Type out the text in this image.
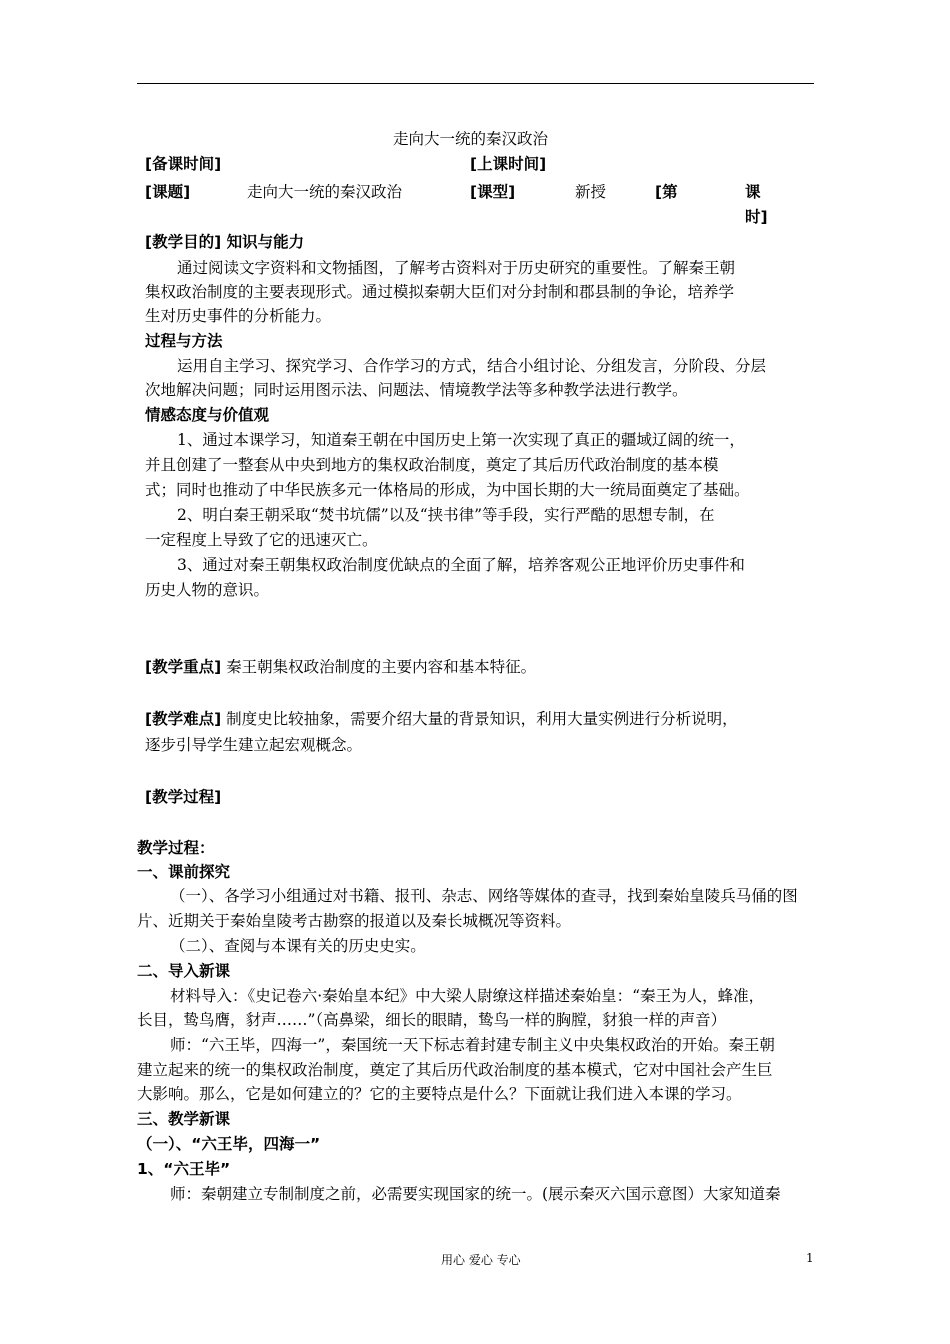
走向大一统的秦汉政治
[备课时间]	[上课时间]
[课题]	走向大一统的秦汉政治	[课型]	新授	[第	课
时]
[教学目的] 知识与能力
通过阅读文字资料和文物插图，了解考古资料对于历史研究的重要性。了解秦王朝
集权政治制度的主要表现形式。通过模拟秦朝大臣们对分封制和郡县制的争论，培养学
生对历史事件的分析能力。
过程与方法
运用自主学习、探究学习、合作学习的方式，结合小组讨论、分组发言，分阶段、分层
次地解决问题；同时运用图示法、问题法、情境教学法等多种教学法进行教学。
情感态度与价值观
1、通过本课学习，知道秦王朝在中国历史上第一次实现了真正的疆域辽阔的统一，
并且创建了一整套从中央到地方的集权政治制度，奠定了其后历代政治制度的基本模
式；同时也推动了中华民族多元一体格局的形成，为中国长期的大一统局面奠定了基础。
2、明白秦王朝采取“焚书坑儒”以及“挟书律”等手段，实行严酷的思想专制，在
一定程度上导致了它的迅速灭亡。
3、通过对秦王朝集权政治制度优缺点的全面了解，培养客观公正地评价历史事件和
历史人物的意识。
[教学重点] 秦王朝集权政治制度的主要内容和基本特征。
[教学难点] 制度史比较抽象，需要介绍大量的背景知识，利用大量实例进行分析说明，
逐步引导学生建立起宏观概念。
[教学过程]
教学过程：
一、课前探究
（一）、各学习小组通过对书籍、报刊、杂志、网络等媒体的查寻，找到秦始皇陵兵马俑的图
片、近期关于秦始皇陵考古勘察的报道以及秦长城概况等资料。
（二）、查阅与本课有关的历史史实。
二、导入新课
材料导入：《史记卷六·秦始皇本纪》中大梁人尉缭这样描述秦始皇：“秦王为人，蜂准，
长目，鸷鸟膺，豺声……”（高鼻梁，细长的眼睛，鸷鸟一样的胸膛，豺狼一样的声音）
师：“六王毕，四海一”，秦国统一天下标志着封建专制主义中央集权政治的开始。秦王朝
建立起来的统一的集权政治制度，奠定了其后历代政治制度的基本模式，它对中国社会产生巨
大影响。那么，它是如何建立的？它的主要特点是什么？下面就让我们进入本课的学习。
三、教学新课
（一）、“六王毕，四海一”
1、“六王毕”
师：秦朝建立专制制度之前，必需要实现国家的统一。(展示秦灭六国示意图）大家知道秦
用心 爱心 专心	1
